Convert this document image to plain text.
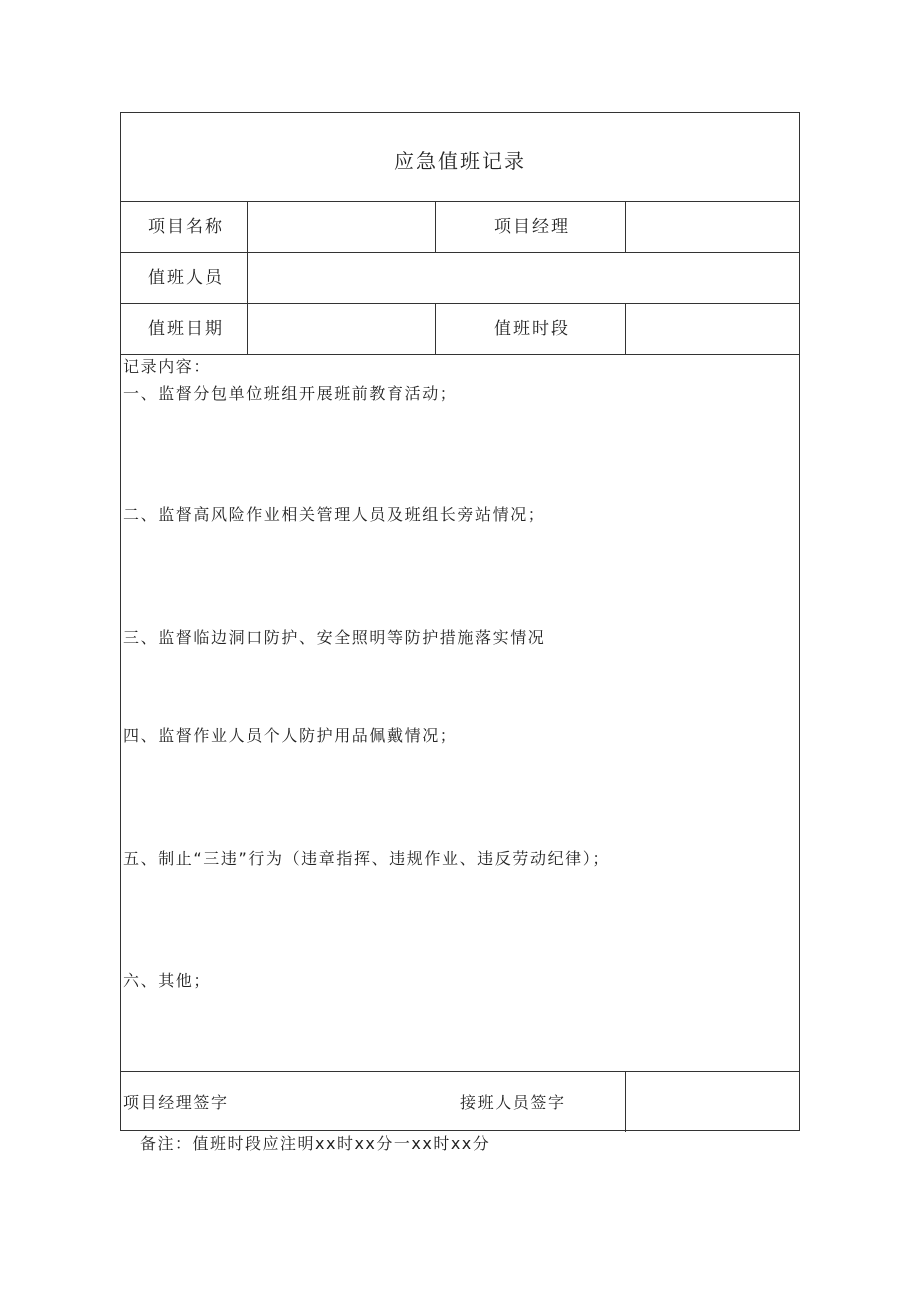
应急值班记录
项目名称	项目经理
值班人员
值班日期	值班时段
记录内容：
一、监督分包单位班组开展班前教育活动；
二、监督高风险作业相关管理人员及班组长旁站情况；
三、监督临边洞口防护、安全照明等防护措施落实情况
四、监督作业人员个人防护用品佩戴情况；
五、制止“三违”行为（违章指挥、违规作业、违反劳动纪律）；
六、其他；
项目经理签字	接班人员签字
备注：值班时段应注明xx时xx分一xx时xx分
